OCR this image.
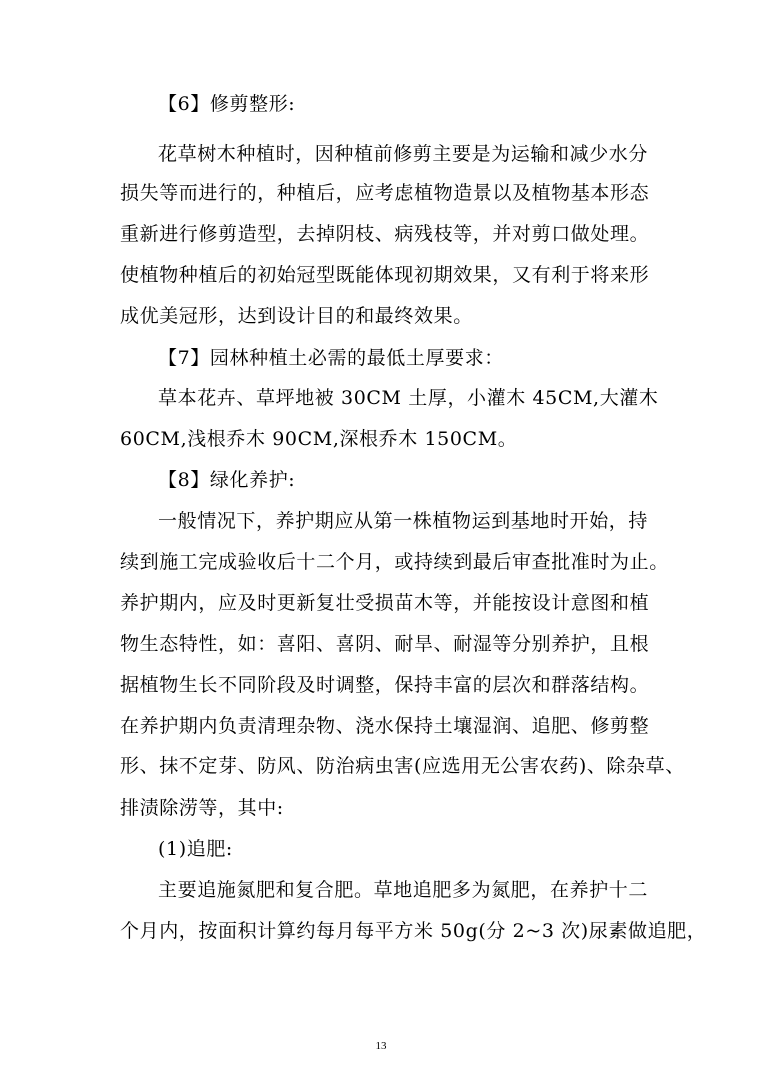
【6】修剪整形:
花草树木种植时，因种植前修剪主要是为运输和减少水分
损失等而进行的，种植后，应考虑植物造景以及植物基本形态
重新进行修剪造型，去掉阴枝、病残枝等，并对剪口做处理。
使植物种植后的初始冠型既能体现初期效果，又有利于将来形
成优美冠形，达到设计目的和最终效果。
【7】园林种植土必需的最低土厚要求：
草本花卉、草坪地被 30CM 土厚，小灌木 45CM,大灌木
60CM,浅根乔木 90CM,深根乔木 150CM。
【8】绿化养护:
一般情况下，养护期应从第一株植物运到基地时开始，持
续到施工完成验收后十二个月，或持续到最后审查批准时为止。
养护期内，应及时更新复壮受损苗木等，并能按设计意图和植
物生态特性，如：喜阳、喜阴、耐旱、耐湿等分别养护，且根
据植物生长不同阶段及时调整，保持丰富的层次和群落结构。
在养护期内负责清理杂物、浇水保持土壤湿润、追肥、修剪整
形、抹不定芽、防风、防治病虫害(应选用无公害农药)、除杂草、
排渍除涝等，其中:
(1)追肥:
主要追施氮肥和复合肥。草地追肥多为氮肥，在养护十二
个月内，按面积计算约每月每平方米 50g(分 2~3 次)尿素做追肥，
13
